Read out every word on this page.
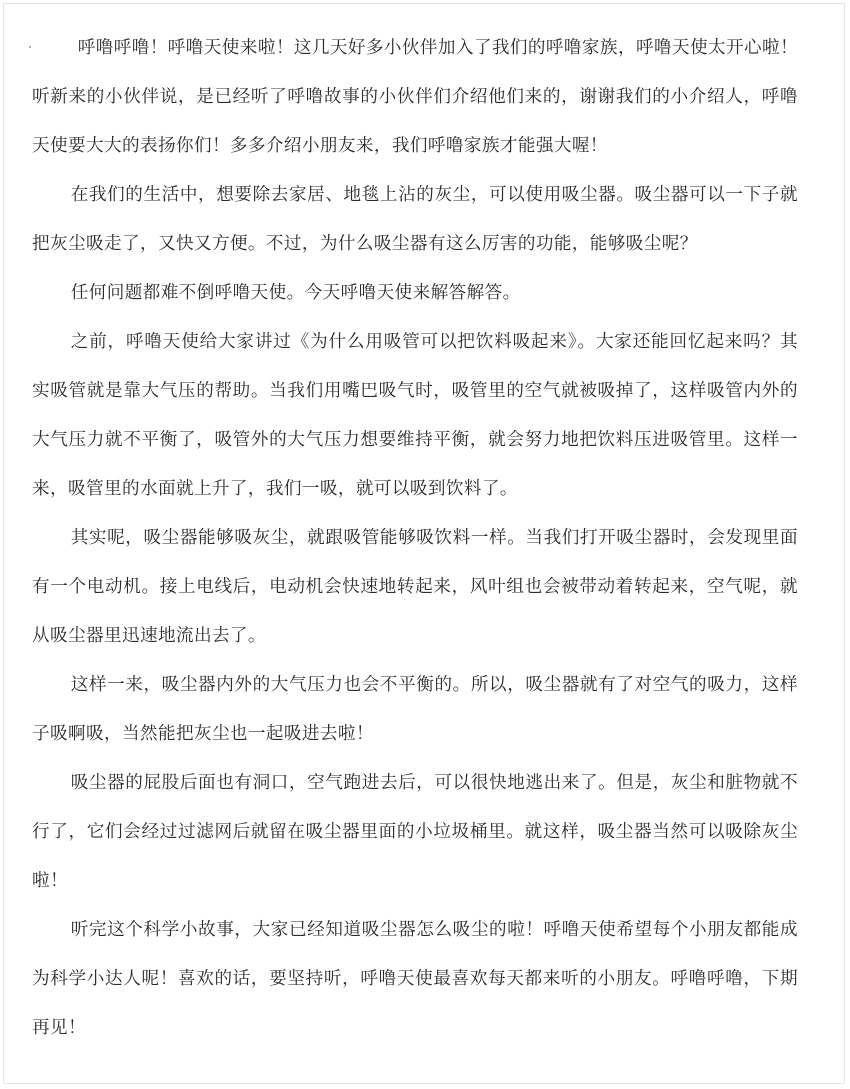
呼噜呼噜！呼噜天使来啦！这几天好多小伙伴加入了我们的呼噜家族，呼噜天使太开心啦！听新来的小伙伴说，是已经听了呼噜故事的小伙伴们介绍他们来的，谢谢我们的小介绍人，呼噜天使要大大的表扬你们！多多介绍小朋友来，我们呼噜家族才能强大喔！

在我们的生活中，想要除去家居、地毯上沾的灰尘，可以使用吸尘器。吸尘器可以一下子就把灰尘吸走了，又快又方便。不过，为什么吸尘器有这么厉害的功能，能够吸尘呢？

任何问题都难不倒呼噜天使。今天呼噜天使来解答解答。

之前，呼噜天使给大家讲过《为什么用吸管可以把饮料吸起来》。大家还能回忆起来吗？其实吸管就是靠大气压的帮助。当我们用嘴巴吸气时，吸管里的空气就被吸掉了，这样吸管内外的大气压力就不平衡了，吸管外的大气压力想要维持平衡，就会努力地把饮料压进吸管里。这样一来，吸管里的水面就上升了，我们一吸，就可以吸到饮料了。

其实呢，吸尘器能够吸灰尘，就跟吸管能够吸饮料一样。当我们打开吸尘器时，会发现里面有一个电动机。接上电线后，电动机会快速地转起来，风叶组也会被带动着转起来，空气呢，就从吸尘器里迅速地流出去了。

这样一来，吸尘器内外的大气压力也会不平衡的。所以，吸尘器就有了对空气的吸力，这样子吸啊吸，当然能把灰尘也一起吸进去啦！

吸尘器的屁股后面也有洞口，空气跑进去后，可以很快地逃出来了。但是，灰尘和脏物就不行了，它们会经过过滤网后就留在吸尘器里面的小垃圾桶里。就这样，吸尘器当然可以吸除灰尘啦！

听完这个科学小故事，大家已经知道吸尘器怎么吸尘的啦！呼噜天使希望每个小朋友都能成为科学小达人呢！喜欢的话，要坚持听，呼噜天使最喜欢每天都来听的小朋友。呼噜呼噜，下期再见！
